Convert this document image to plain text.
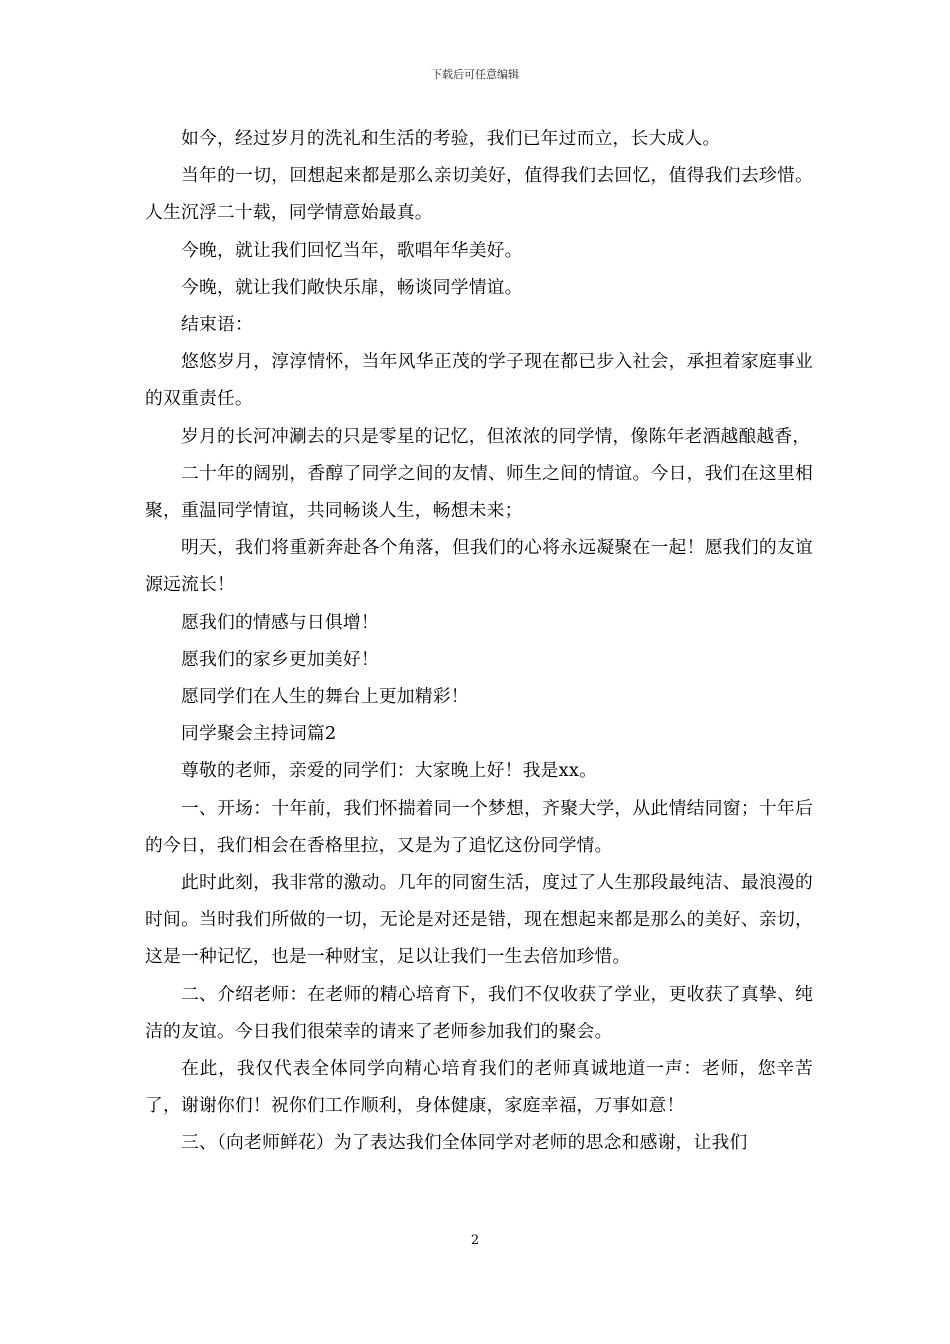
下载后可任意编辑

如今，经过岁月的洗礼和生活的考验，我们已年过而立，长大成人。

当年的一切，回想起来都是那么亲切美好，值得我们去回忆，值得我们去珍惜。人生沉浮二十载，同学情意始最真。

今晚，就让我们回忆当年，歌唱年华美好。

今晚，就让我们敞快乐扉，畅谈同学情谊。

结束语：

悠悠岁月，淳淳情怀，当年风华正茂的学子现在都已步入社会，承担着家庭事业的双重责任。

岁月的长河冲涮去的只是零星的记忆，但浓浓的同学情，像陈年老酒越酿越香，

二十年的阔别，香醇了同学之间的友情、师生之间的情谊。今日，我们在这里相聚，重温同学情谊，共同畅谈人生，畅想未来；

明天，我们将重新奔赴各个角落，但我们的心将永远凝聚在一起！愿我们的友谊源远流长！

愿我们的情感与日俱增！

愿我们的家乡更加美好！

愿同学们在人生的舞台上更加精彩！

同学聚会主持词篇2

尊敬的老师，亲爱的同学们：大家晚上好！我是xx。

一、开场：十年前，我们怀揣着同一个梦想，齐聚大学，从此情结同窗；十年后的今日，我们相会在香格里拉，又是为了追忆这份同学情。

此时此刻，我非常的激动。几年的同窗生活，度过了人生那段最纯洁、最浪漫的时间。当时我们所做的一切，无论是对还是错，现在想起来都是那么的美好、亲切，这是一种记忆，也是一种财宝，足以让我们一生去倍加珍惜。

二、介绍老师：在老师的精心培育下，我们不仅收获了学业，更收获了真挚、纯洁的友谊。今日我们很荣幸的请来了老师参加我们的聚会。

在此，我仅代表全体同学向精心培育我们的老师真诚地道一声：老师，您辛苦了，谢谢你们！祝你们工作顺利，身体健康，家庭幸福，万事如意！

三、（向老师鲜花）为了表达我们全体同学对老师的思念和感谢，让我们

2
